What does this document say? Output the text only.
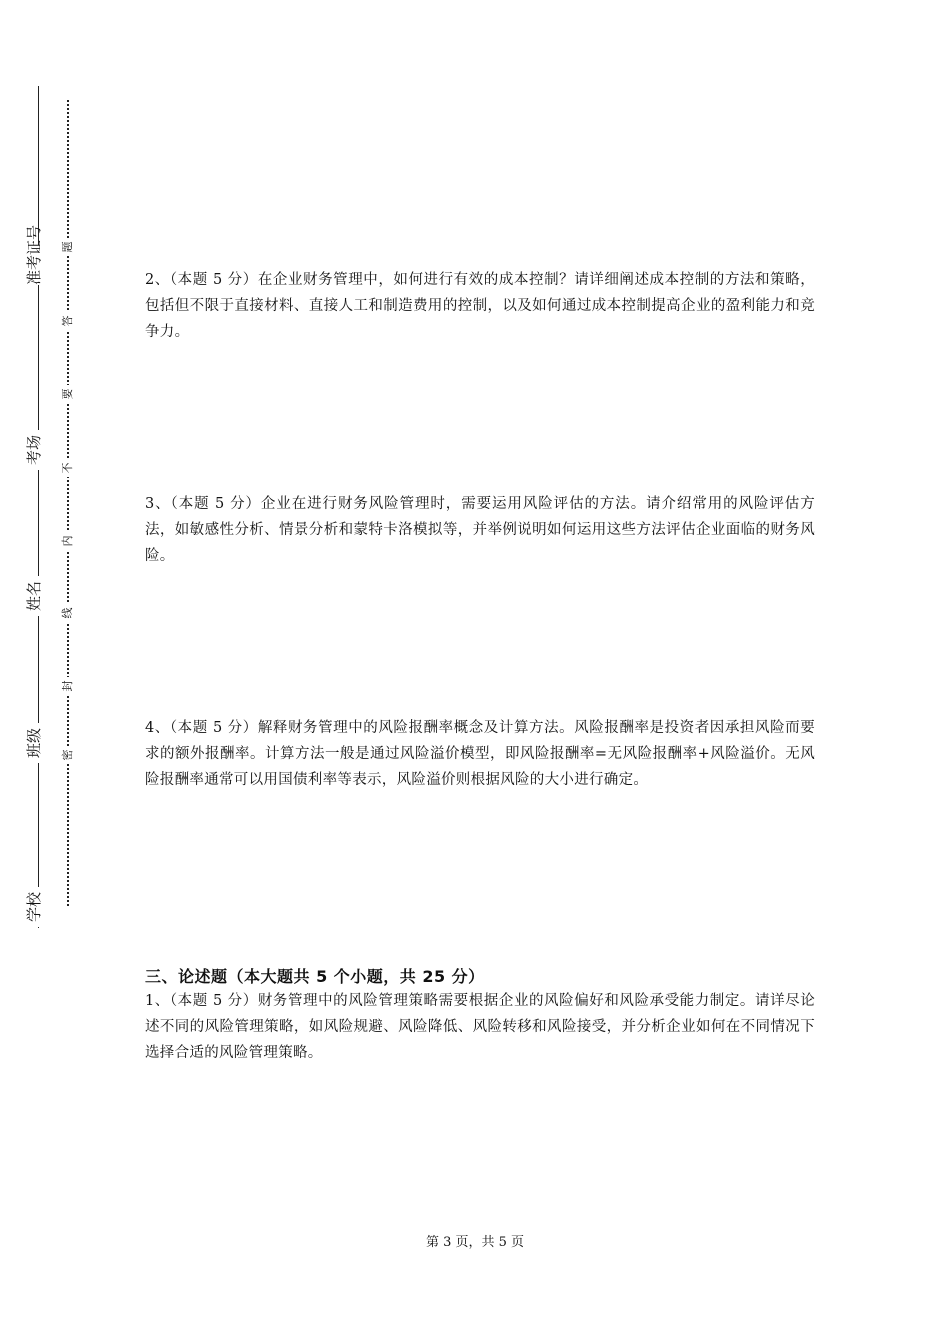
准考证号
考场
姓名
班级
学校
题
答
要
不
内
线
封
密
2、（本题 5 分）在企业财务管理中，如何进行有效的成本控制？请详细阐述成本控制的方法和策略，包括但不限于直接材料、直接人工和制造费用的控制，以及如何通过成本控制提高企业的盈利能力和竞争力。
3、（本题 5 分）企业在进行财务风险管理时，需要运用风险评估的方法。请介绍常用的风险评估方法，如敏感性分析、情景分析和蒙特卡洛模拟等，并举例说明如何运用这些方法评估企业面临的财务风险。
4、（本题 5 分）解释财务管理中的风险报酬率概念及计算方法。风险报酬率是投资者因承担风险而要求的额外报酬率。计算方法一般是通过风险溢价模型，即风险报酬率=无风险报酬率+风险溢价。无风险报酬率通常可以用国债利率等表示，风险溢价则根据风险的大小进行确定。
三、论述题（本大题共 5 个小题，共 25 分）
1、（本题 5 分）财务管理中的风险管理策略需要根据企业的风险偏好和风险承受能力制定。请详尽论述不同的风险管理策略，如风险规避、风险降低、风险转移和风险接受，并分析企业如何在不同情况下选择合适的风险管理策略。
第 3 页，共 5 页
